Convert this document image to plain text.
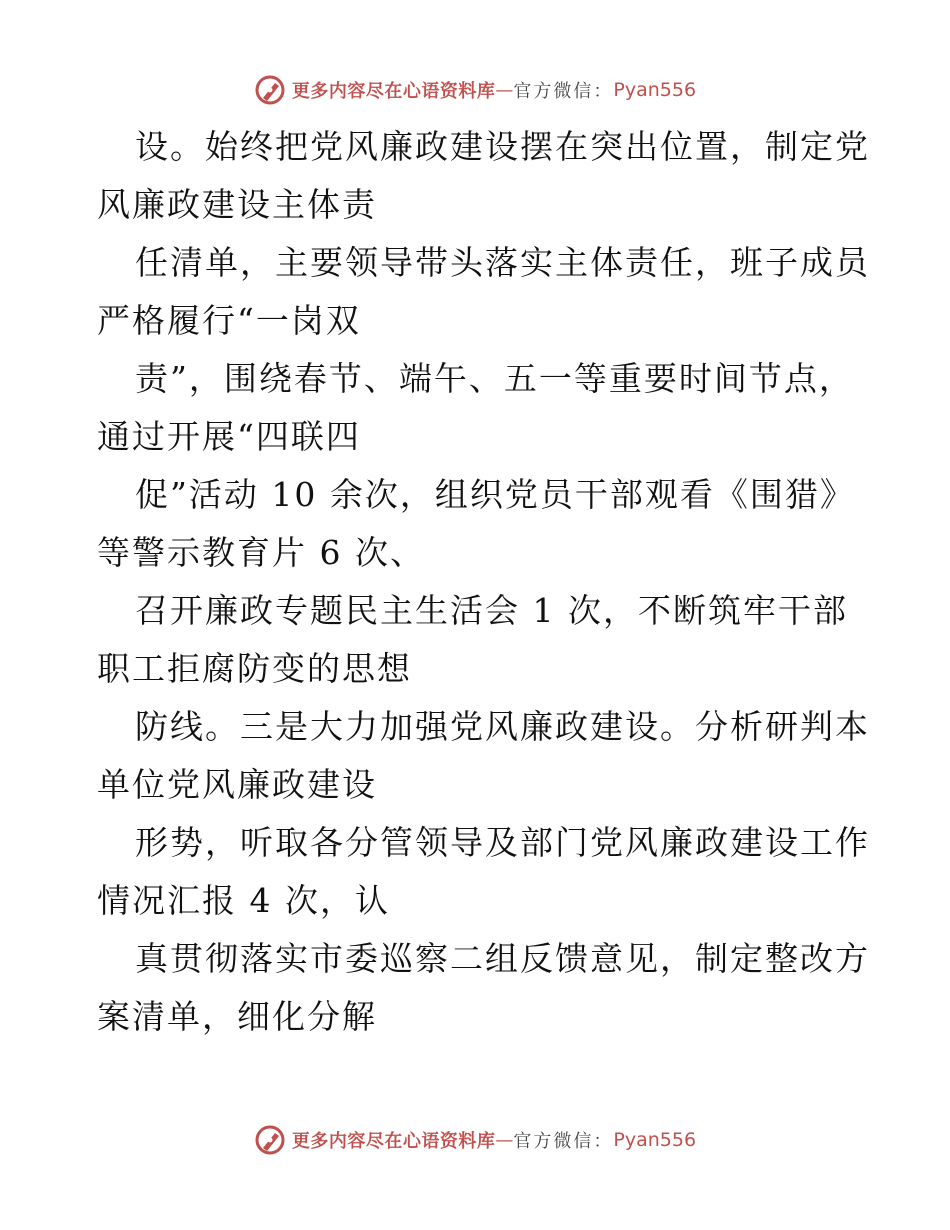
更多内容尽在心语资料库 — 官方微信： Pyan556
设。始终把党风廉政建设摆在突出位置，制定党
风廉政建设主体责
任清单，主要领导带头落实主体责任，班子成员
严格履行“一岗双
责”，围绕春节、端午、五一等重要时间节点，
通过开展“四联四
促”活动 10 余次，组织党员干部观看《围猎》
等警示教育片 6 次、
召开廉政专题民主生活会 1 次，不断筑牢干部
职工拒腐防变的思想
防线。三是大力加强党风廉政建设。分析研判本
单位党风廉政建设
形势，听取各分管领导及部门党风廉政建设工作
情况汇报 4 次，认
真贯彻落实市委巡察二组反馈意见，制定整改方
案清单，细化分解
更多内容尽在心语资料库 — 官方微信： Pyan556
